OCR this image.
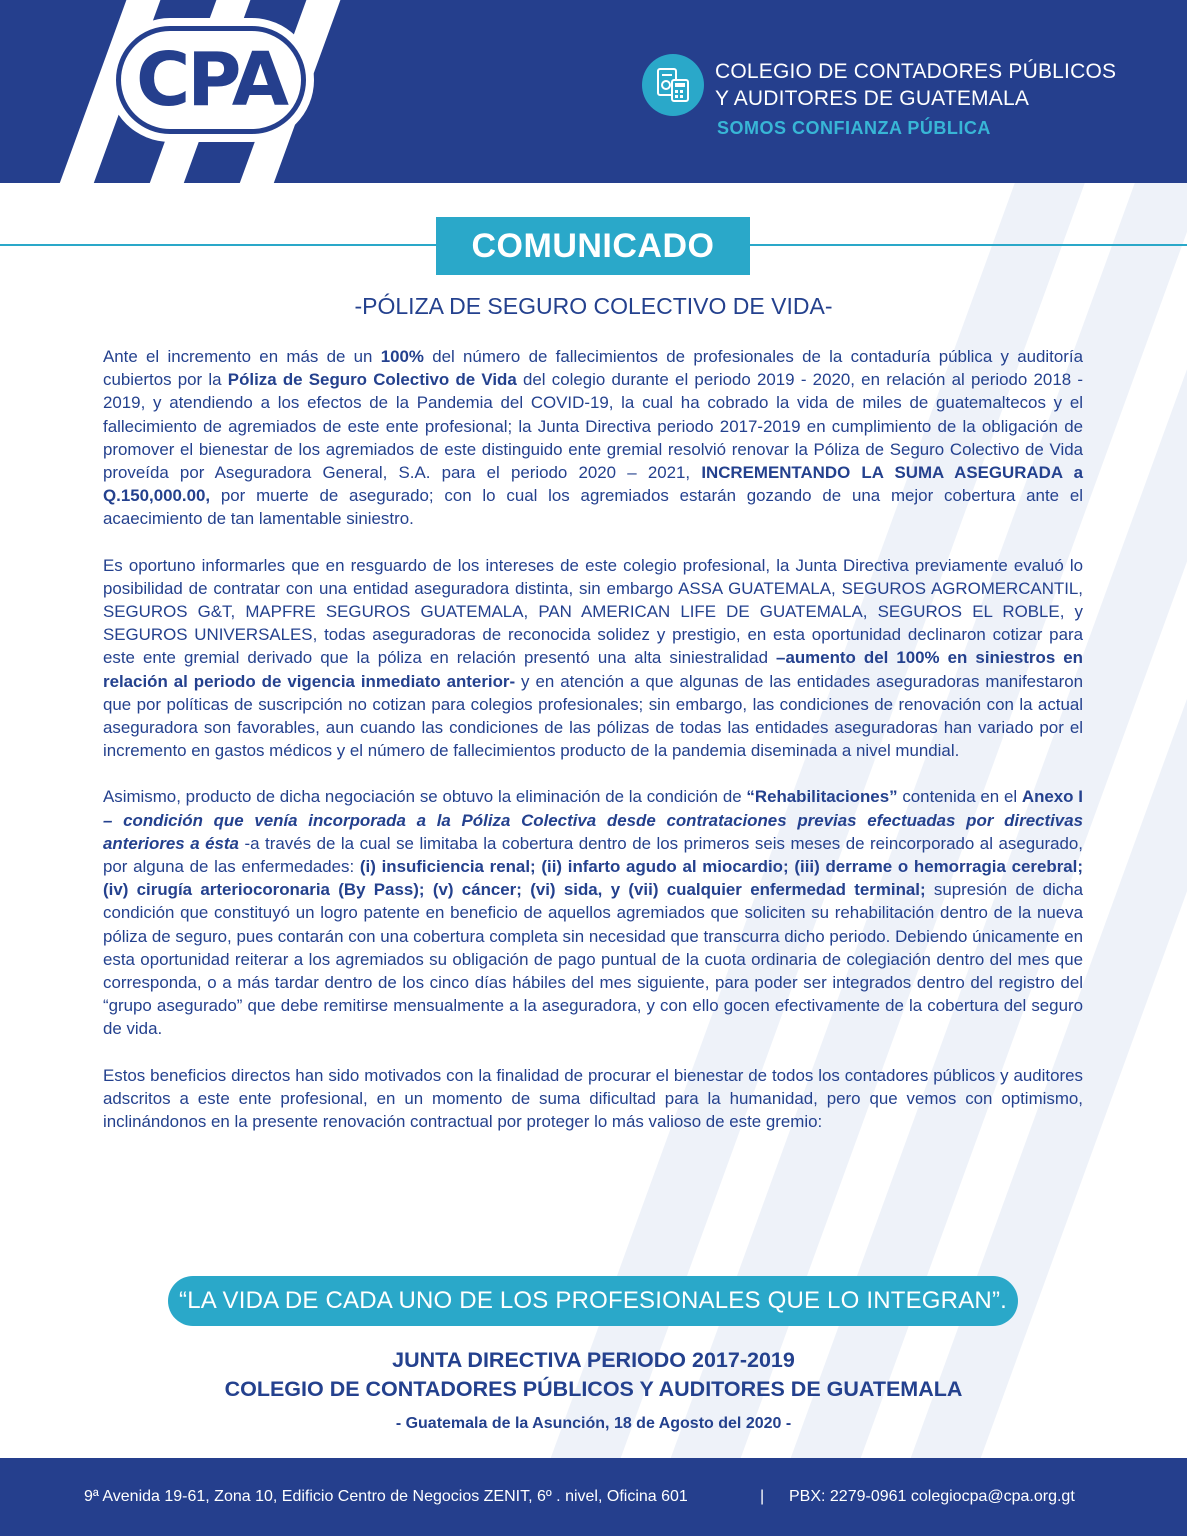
CPA	COLEGIO DE CONTADORES PÚBLICOS
Y AUDITORES DE GUATEMALA
SOMOS CONFIANZA PÚBLICA
COMUNICADO
-PÓLIZA DE SEGURO COLECTIVO DE VIDA-

Ante el incremento en más de un 100% del número de fallecimientos de profesionales de la contaduría pública y auditoría cubiertos por la Póliza de Seguro Colectivo de Vida del colegio durante el periodo 2019 - 2020, en relación al periodo 2018 - 2019, y atendiendo a los efectos de la Pandemia del COVID-19, la cual ha cobrado la vida de miles de guatemaltecos y el fallecimiento de agremiados de este ente profesional; la Junta Directiva periodo 2017-2019 en cumplimiento de la obligación de promover el bienestar de los agremiados de este distinguido ente gremial resolvió renovar la Póliza de Seguro Colectivo de Vida proveída por Aseguradora General, S.A. para el periodo 2020 – 2021, INCREMENTANDO LA SUMA ASEGURADA a Q.150,000.00, por muerte de asegurado; con lo cual los agremiados estarán gozando de una mejor cobertura ante el acaecimiento de tan lamentable siniestro.

Es oportuno informarles que en resguardo de los intereses de este colegio profesional, la Junta Directiva previamente evaluó lo posibilidad de contratar con una entidad aseguradora distinta, sin embargo ASSA GUATEMALA, SEGUROS AGROMERCANTIL, SEGUROS G&T, MAPFRE SEGUROS GUATEMALA, PAN AMERICAN LIFE DE GUATEMALA, SEGUROS EL ROBLE, y SEGUROS UNIVERSALES, todas aseguradoras de reconocida solidez y prestigio, en esta oportunidad declinaron cotizar para este ente gremial derivado que la póliza en relación presentó una alta siniestralidad –aumento del 100% en siniestros en relación al periodo de vigencia inmediato anterior- y en atención a que algunas de las entidades aseguradoras manifestaron que por políticas de suscripción no cotizan para colegios profesionales; sin embargo, las condiciones de renovación con la actual aseguradora son favorables, aun cuando las condiciones de las pólizas de todas las entidades aseguradoras han variado por el incremento en gastos médicos y el número de fallecimientos producto de la pandemia diseminada a nivel mundial.

Asimismo, producto de dicha negociación se obtuvo la eliminación de la condición de “Rehabilitaciones” contenida en el Anexo I – condición que venía incorporada a la Póliza Colectiva desde contrataciones previas efectuadas por directivas anteriores a ésta -a través de la cual se limitaba la cobertura dentro de los primeros seis meses de reincorporado al asegurado, por alguna de las enfermedades: (i) insuficiencia renal; (ii) infarto agudo al miocardio; (iii) derrame o hemorragia cerebral; (iv) cirugía arteriocoronaria (By Pass); (v) cáncer; (vi) sida, y (vii) cualquier enfermedad terminal; supresión de dicha condición que constituyó un logro patente en beneficio de aquellos agremiados que soliciten su rehabilitación dentro de la nueva póliza de seguro, pues contarán con una cobertura completa sin necesidad que transcurra dicho periodo. Debiendo únicamente en esta oportunidad reiterar a los agremiados su obligación de pago puntual de la cuota ordinaria de colegiación dentro del mes que corresponda, o a más tardar dentro de los cinco días hábiles del mes siguiente, para poder ser integrados dentro del registro del “grupo asegurado” que debe remitirse mensualmente a la aseguradora, y con ello gocen efectivamente de la cobertura del seguro de vida.

Estos beneficios directos han sido motivados con la finalidad de procurar el bienestar de todos los contadores públicos y auditores adscritos a este ente profesional, en un momento de suma dificultad para la humanidad, pero que vemos con optimismo, inclinándonos en la presente renovación contractual por proteger lo más valioso de este gremio:

“LA VIDA DE CADA UNO DE LOS PROFESIONALES QUE LO INTEGRAN”.
JUNTA DIRECTIVA PERIODO 2017-2019
COLEGIO DE CONTADORES PÚBLICOS Y AUDITORES DE GUATEMALA
- Guatemala de la Asunción, 18 de Agosto del 2020 -
9ª Avenida 19-61, Zona 10, Edificio Centro de Negocios ZENIT, 6º . nivel, Oficina 601	| PBX: 2279-0961 colegiocpa@cpa.org.gt
